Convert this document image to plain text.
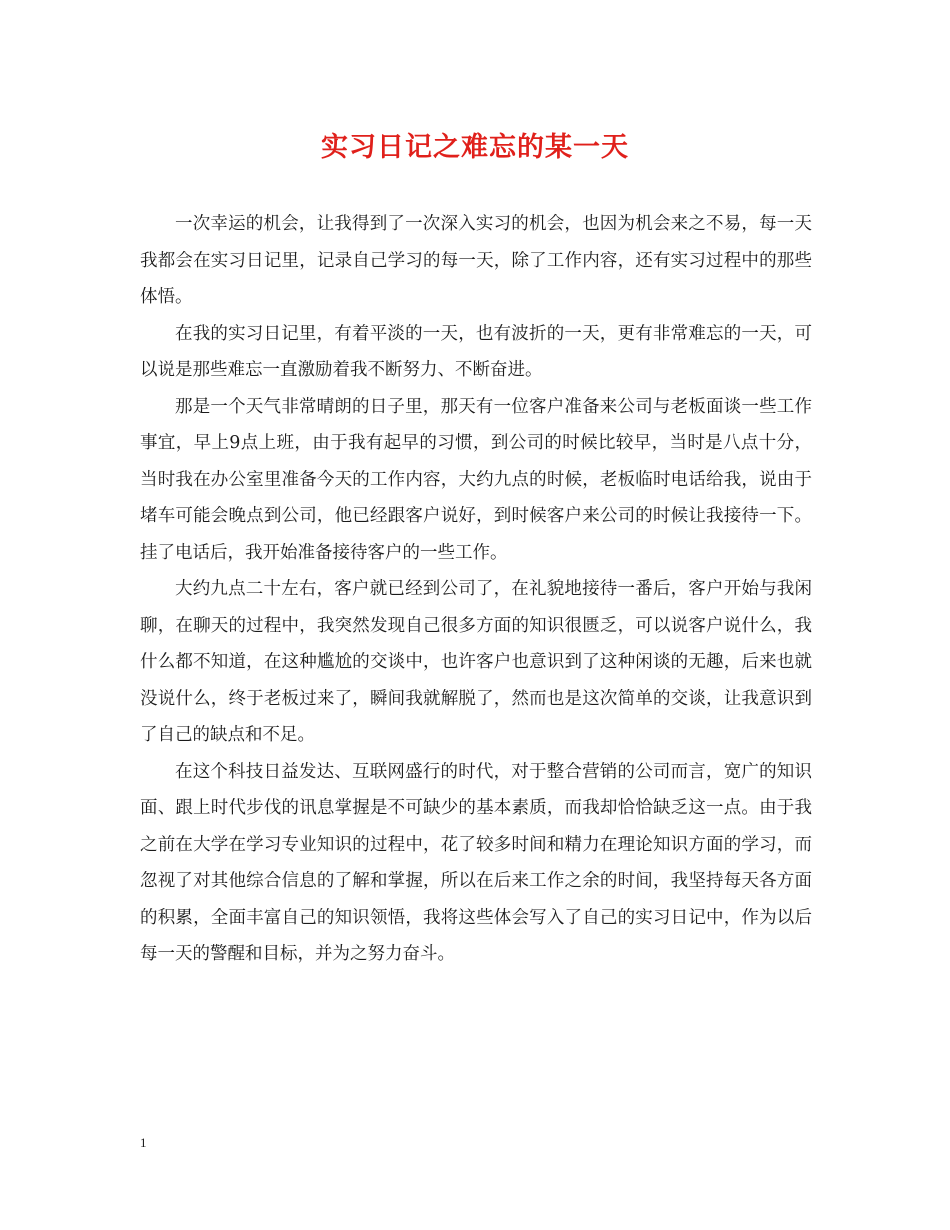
实习日记之难忘的某一天

一次幸运的机会，让我得到了一次深入实习的机会，也因为机会来之不易，每一天我都会在实习日记里，记录自己学习的每一天，除了工作内容，还有实习过程中的那些体悟。

在我的实习日记里，有着平淡的一天，也有波折的一天，更有非常难忘的一天，可以说是那些难忘一直激励着我不断努力、不断奋进。

那是一个天气非常晴朗的日子里，那天有一位客户准备来公司与老板面谈一些工作事宜，早上9点上班，由于我有起早的习惯，到公司的时候比较早，当时是八点十分，当时我在办公室里准备今天的工作内容，大约九点的时候，老板临时电话给我，说由于堵车可能会晚点到公司，他已经跟客户说好，到时候客户来公司的时候让我接待一下。挂了电话后，我开始准备接待客户的一些工作。

大约九点二十左右，客户就已经到公司了，在礼貌地接待一番后，客户开始与我闲聊，在聊天的过程中，我突然发现自己很多方面的知识很匮乏，可以说客户说什么，我什么都不知道，在这种尴尬的交谈中，也许客户也意识到了这种闲谈的无趣，后来也就没说什么，终于老板过来了，瞬间我就解脱了，然而也是这次简单的交谈，让我意识到了自己的缺点和不足。

在这个科技日益发达、互联网盛行的时代，对于整合营销的公司而言，宽广的知识面、跟上时代步伐的讯息掌握是不可缺少的基本素质，而我却恰恰缺乏这一点。由于我之前在大学在学习专业知识的过程中，花了较多时间和精力在理论知识方面的学习，而忽视了对其他综合信息的了解和掌握，所以在后来工作之余的时间，我坚持每天各方面的积累，全面丰富自己的知识领悟，我将这些体会写入了自己的实习日记中，作为以后每一天的警醒和目标，并为之努力奋斗。

1
